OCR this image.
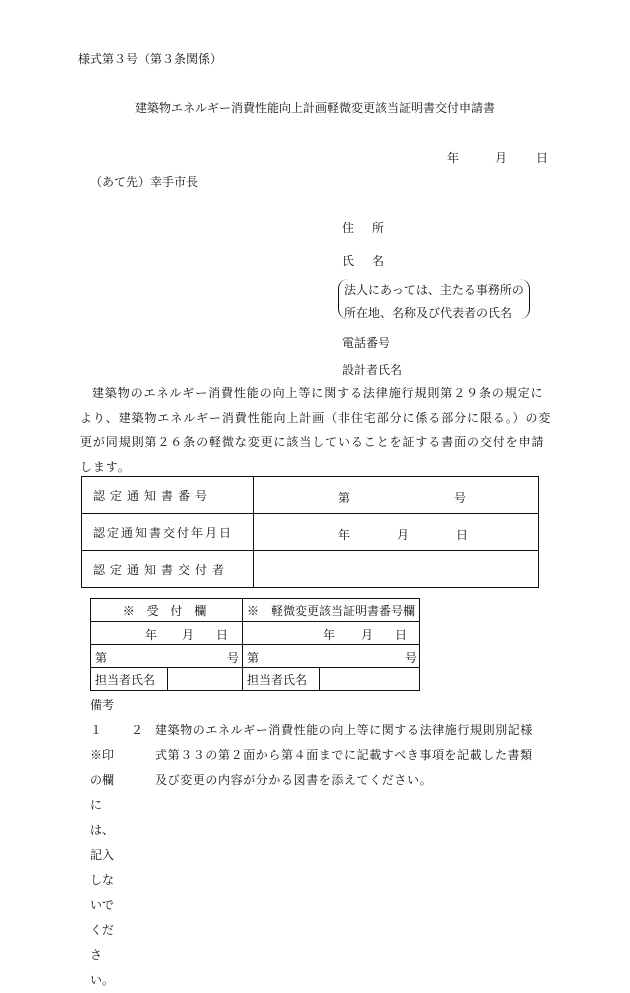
様式第３号（第３条関係）
建築物エネルギー消費性能向上計画軽微変更該当証明書交付申請書
年	月 日
（あて先）幸手市長
住所
氏名
法人にあっては、主たる事務所の
所在地、名称及び代表者の氏名
電話番号
設計者氏名
建築物のエネルギー消費性能の向上等に関する法律施行規則第２９条の規定により、建築物エネルギー消費性能向上計画（非住宅部分に係る部分に限る。）の変更が同規則第２６条の軽微な変更に該当していることを証する書面の交付を申請します。
認定通知書番号	第 号

認定通知書交付年月日	年 月 日

認定通知書交付者	
※ 受 付 欄		※　軽微変更該当証明書番号欄	

年 月 日		年 月 日	

第 号		第 号	

担当者氏名		担当者氏名	
備考　１　※印の欄には、記入しないでください。
２ 建築物のエネルギー消費性能の向上等に関する法律施行規則別記様式第３３の第２面から第４面までに記載すべき事項を記載した書類及び変更の内容が分かる図書を添えてください。
